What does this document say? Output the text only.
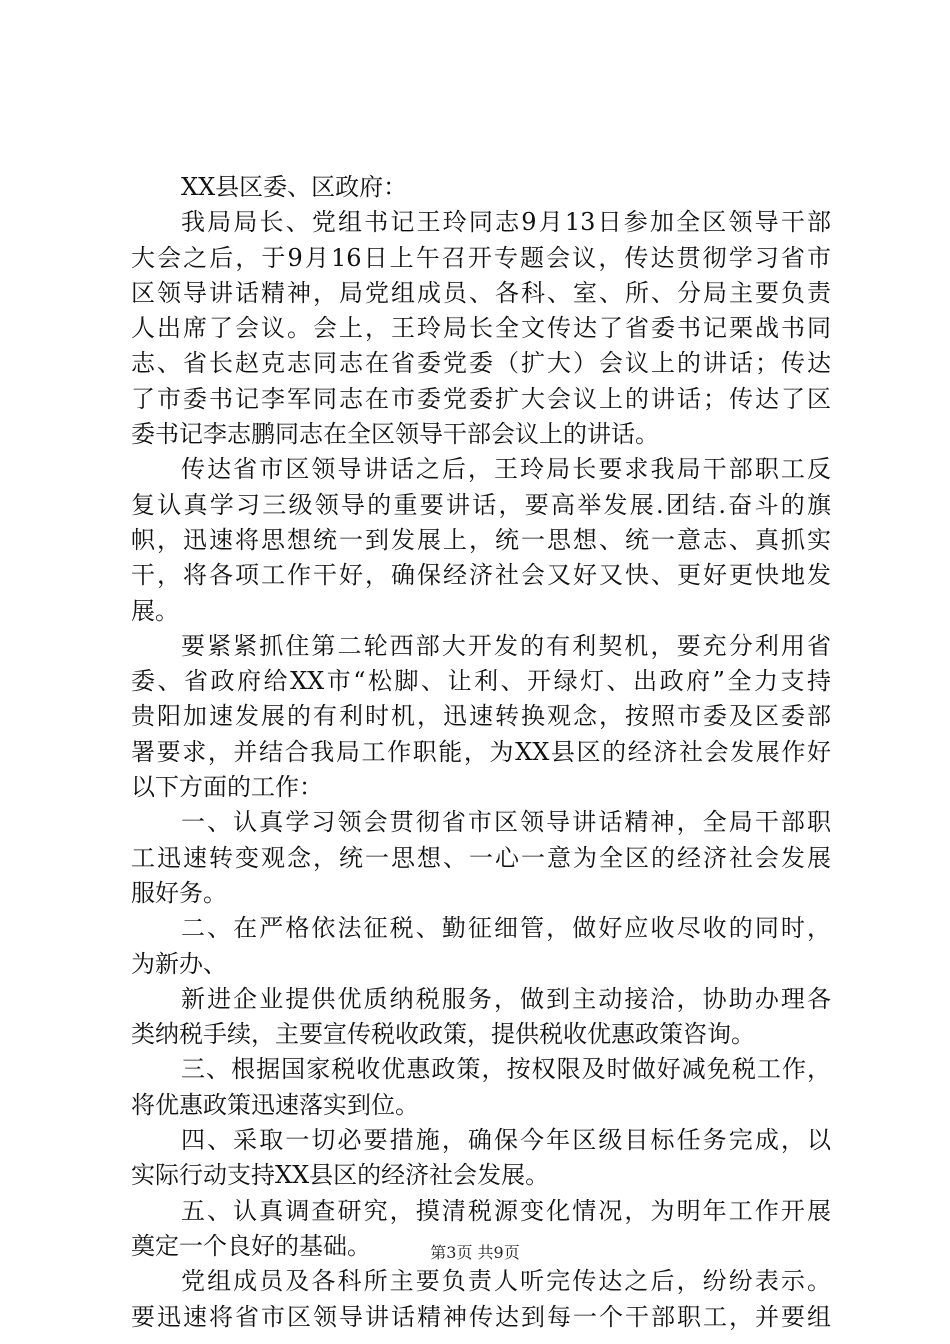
XX县区委、区政府：
我局局长、党组书记王玲同志9月13日参加全区领导干部
大会之后，于9月16日上午召开专题会议，传达贯彻学习省市
区领导讲话精神，局党组成员、各科、室、所、分局主要负责
人出席了会议。会上，王玲局长全文传达了省委书记栗战书同
志、省长赵克志同志在省委党委（扩大）会议上的讲话；传达
了市委书记李军同志在市委党委扩大会议上的讲话；传达了区
委书记李志鹏同志在全区领导干部会议上的讲话。
传达省市区领导讲话之后，王玲局长要求我局干部职工反
复认真学习三级领导的重要讲话，要高举发展.团结.奋斗的旗
帜，迅速将思想统一到发展上，统一思想、统一意志、真抓实
干，将各项工作干好，确保经济社会又好又快、更好更快地发
展。
要紧紧抓住第二轮西部大开发的有利契机，要充分利用省
委、省政府给XX市“松脚、让利、开绿灯、出政府”全力支持
贵阳加速发展的有利时机，迅速转换观念，按照市委及区委部
署要求，并结合我局工作职能，为XX县区的经济社会发展作好
以下方面的工作：
一、认真学习领会贯彻省市区领导讲话精神，全局干部职
工迅速转变观念，统一思想、一心一意为全区的经济社会发展
服好务。
二、在严格依法征税、勤征细管，做好应收尽收的同时，
为新办、
新进企业提供优质纳税服务，做到主动接洽，协助办理各
类纳税手续，主要宣传税收政策，提供税收优惠政策咨询。
三、根据国家税收优惠政策，按权限及时做好减免税工作，
将优惠政策迅速落实到位。
四、采取一切必要措施，确保今年区级目标任务完成，以
实际行动支持XX县区的经济社会发展。
五、认真调查研究，摸清税源变化情况，为明年工作开展
奠定一个良好的基础。
党组成员及各科所主要负责人听完传达之后，纷纷表示。
要迅速将省市区领导讲话精神传达到每一个干部职工，并要组
第3页 共9页
